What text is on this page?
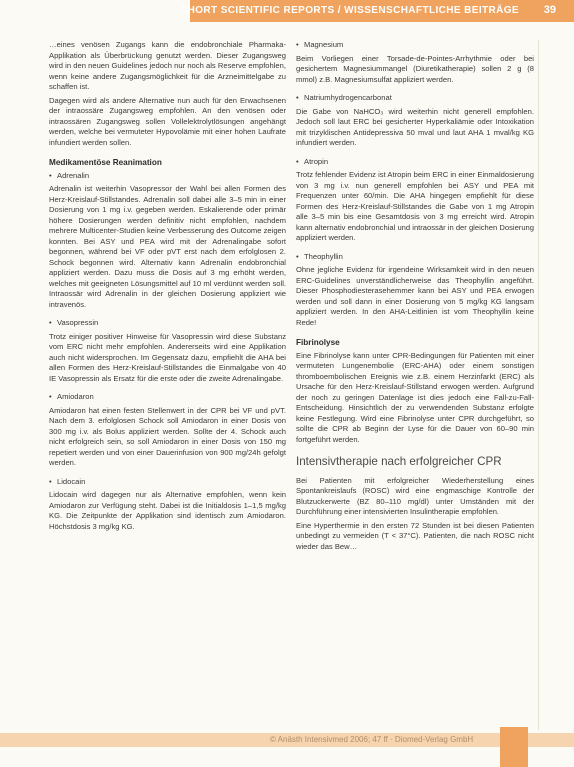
SHORT SCIENTIFIC REPORTS / WISSENSCHAFTLICHE BEITRÄGE 39

…eines venösen Zugangs kann die endobronchiale Pharmaka-Applikation als Überbrückung genutzt werden. Dieser Zugangsweg wird in den neuen Guidelines jedoch nur noch als Reserve empfohlen, wenn keine andere Zugangsmöglichkeit für die Arzneimittelgabe zu schaffen ist.

Dagegen wird als andere Alternative nun auch für den Erwachsenen der intraossäre Zugangsweg empfohlen. An den venösen oder intraossären Zugangsweg sollen Vollelektrolytlösungen angehängt werden, welche bei vermuteter Hypovolämie mit einer hohen Laufrate infundiert werden sollen.

Medikamentöse Reanimation

• Adrenalin

Adrenalin ist weiterhin Vasopressor der Wahl bei allen Formen des Herz-Kreislauf-Stillstandes. Adrenalin soll dabei alle 3–5 min in einer Dosierung von 1 mg i.v. gegeben werden. Eskalierende oder primär höhere Dosierungen werden definitiv nicht empfohlen, nachdem mehrere Multicenter-Studien keine Verbesserung des Outcome zeigen konnten. Bei ASY und PEA wird mit der Adrenalingabe sofort begonnen, während bei VF oder pVT erst nach dem erfolglosen 2. Schock begonnen wird. Alternativ kann Adrenalin endobronchial appliziert werden. Dazu muss die Dosis auf 3 mg erhöht werden, welches mit geeigneten Lösungsmittel auf 10 ml verdünnt werden soll. Intraossär wird Adrenalin in der gleichen Dosierung appliziert wie intravenös.

• Vasopressin

Trotz einiger positiver Hinweise für Vasopressin wird diese Substanz vom ERC nicht mehr empfohlen. Andererseits wird eine Applikation auch nicht widersprochen. Im Gegensatz dazu, empfiehlt die AHA bei allen Formen des Herz-Kreislauf-Stillstandes die Einmalgabe von 40 IE Vasopressin als Ersatz für die erste oder die zweite Adrenalingabe.

• Amiodaron

Amiodaron hat einen festen Stellenwert in der CPR bei VF und pVT. Nach dem 3. erfolglosen Schock soll Amiodaron in einer Dosis von 300 mg i.v. als Bolus appliziert werden. Sollte der 4. Schock auch nicht erfolgreich sein, so soll Amiodaron in einer Dosis von 150 mg repetiert werden und von einer Dauerinfusion von 900 mg/24h gefolgt werden.

• Lidocain

Lidocain wird dagegen nur als Alternative empfohlen, wenn kein Amiodaron zur Verfügung steht. Dabei ist die Initialdosis 1–1,5 mg/kg KG. Die Zeitpunkte der Applikation sind identisch zum Amiodaron. Höchstdosis 3 mg/kg KG.

• Magnesium

Beim Vorliegen einer Torsade-de-Pointes-Arrhythmie oder bei gesichertem Magnesiummangel (Diuretikatherapie) sollen 2 g (8 mmol) z.B. Magnesiumsulfat appliziert werden.

• Natriumhydrogencarbonat

Die Gabe von NaHCO₃ wird weiterhin nicht generell empfohlen. Jedoch soll laut ERC bei gesicherter Hyperkaliämie oder Intoxikation mit trizyklischen Antidepressiva 50 mval und laut AHA 1 mval/kg KG infundiert werden.

• Atropin

Trotz fehlender Evidenz ist Atropin beim ERC in einer Einmaldosierung von 3 mg i.v. nun generell empfohlen bei ASY und PEA mit Frequenzen unter 60/min. Die AHA hingegen empfiehlt für diese Formen des Herz-Kreislauf-Stillstandes die Gabe von 1 mg Atropin alle 3–5 min bis eine Gesamtdosis von 3 mg erreicht wird. Atropin kann alternativ endobronchial und intraossär in der gleichen Dosierung appliziert werden.

• Theophyllin

Ohne jegliche Evidenz für irgendeine Wirksamkeit wird in den neuen ERC-Guidelines unverständlicherweise das Theophyllin angeführt. Dieser Phosphodiesterasehemmer kann bei ASY und PEA erwogen werden und soll dann in einer Dosierung von 5 mg/kg KG langsam appliziert werden. In den AHA-Leitlinien ist vom Theophyllin keine Rede!

Fibrinolyse

Eine Fibrinolyse kann unter CPR-Bedingungen für Patienten mit einer vermuteten Lungenembolie (ERC-AHA) oder einem sonstigen thromboembolischen Ereignis wie z.B. einem Herzinfarkt (ERC) als Ursache für den Herz-Kreislauf-Stillstand erwogen werden. Aufgrund der noch zu geringen Datenlage ist dies jedoch eine Fall-zu-Fall-Entscheidung. Hinsichtlich der zu verwendenden Substanz erfolgte keine Festlegung. Wird eine Fibrinolyse unter CPR durchgeführt, so sollte die CPR ab Beginn der Lyse für die Dauer von 60–90 min fortgeführt werden.

Intensivtherapie nach erfolgreicher CPR

Bei Patienten mit erfolgreicher Wiederherstellung eines Spontankreislaufs (ROSC) wird eine engmaschige Kontrolle der Blutzuckerwerte (BZ 80–110 mg/dl) unter Umständen mit der Durchführung einer intensivierten Insulintherapie empfohlen.

Eine Hyperthermie in den ersten 72 Stunden ist bei diesen Patienten unbedingt zu vermeiden (T < 37°C). Patienten, die nach ROSC nicht wieder das Bew…

© Anästh Intensivmed 2006; 47 ff · Diomed-Verlag GmbH
